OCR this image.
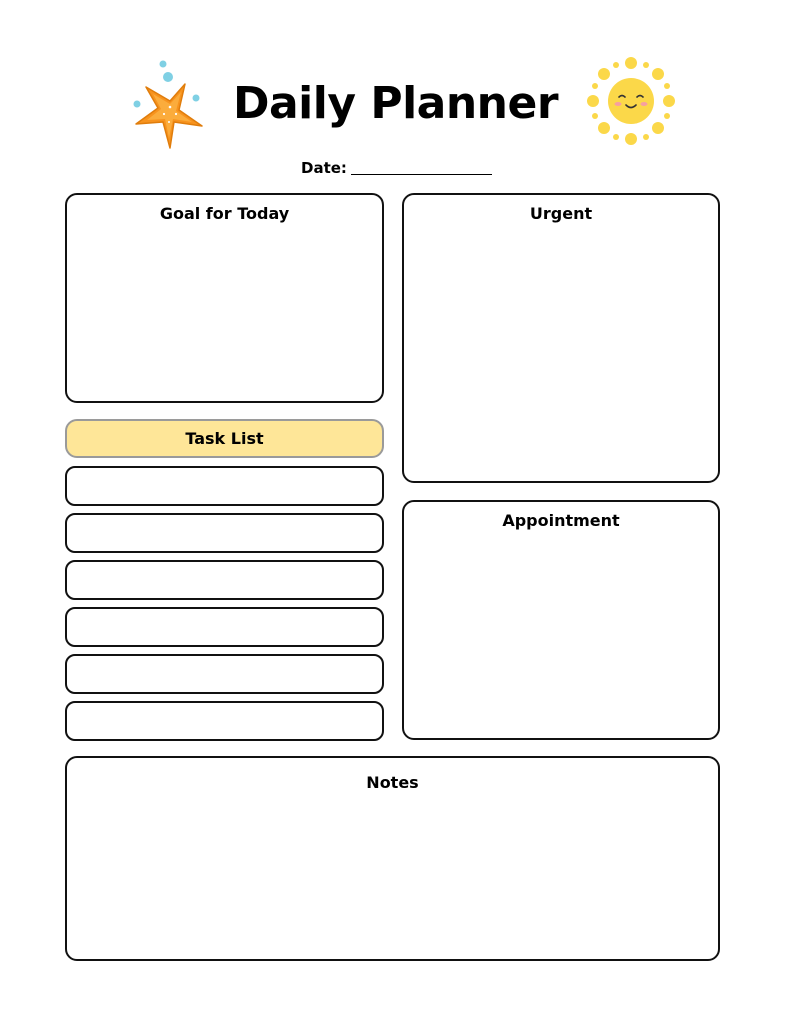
Daily Planner
Date:
Goal for Today	Urgent
Task List
Appointment
Notes
